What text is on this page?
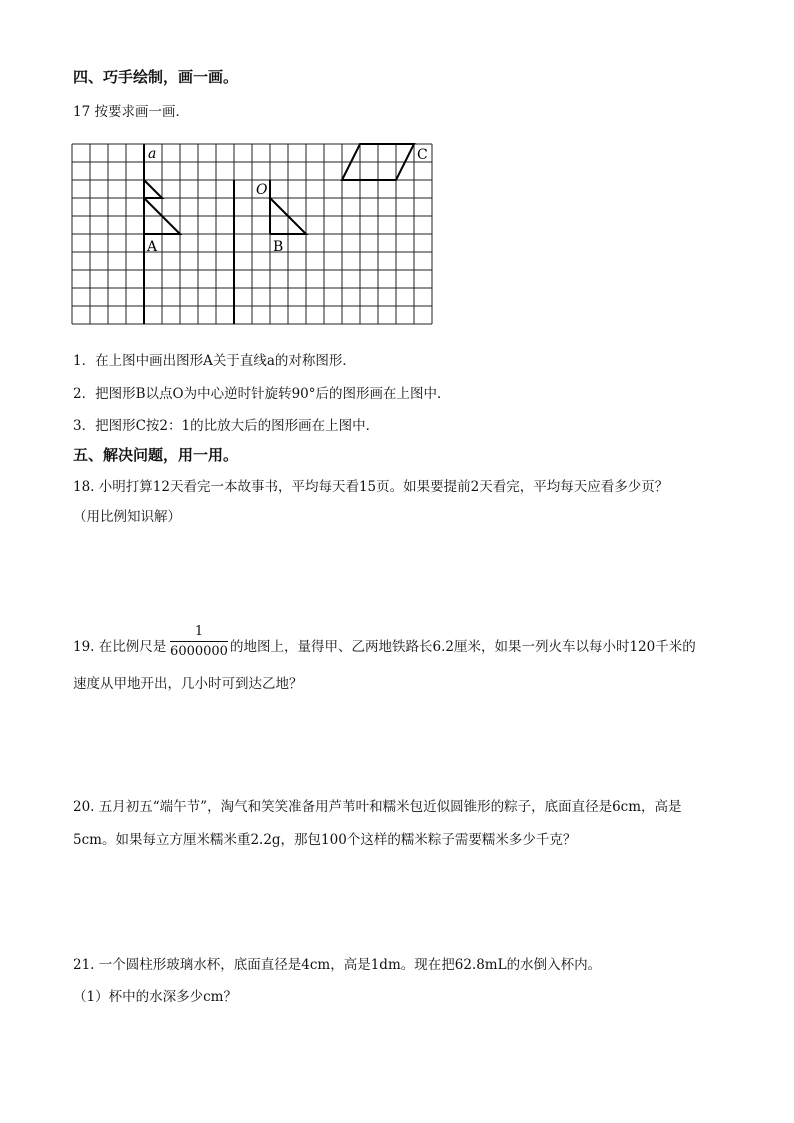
四、巧手绘制，画一画。
17 按要求画一画．
a	C
O
A	B
1．在上图中画出图形A关于直线a的对称图形．
2．把图形B以点O为中心逆时针旋转90°后的图形画在上图中．
3．把图形C按2：1的比放大后的图形画在上图中．
五、解决问题，用一用。
18. 小明打算12天看完一本故事书，平均每天看15页。如果要提前2天看完，平均每天应看多少页？
（用比例知识解）
19. 在比例尺是
1
6000000 的地图上，量得甲、乙两地铁路长6.2厘米，如果一列火车以每小时120千米的
速度从甲地开出，几小时可到达乙地？
20. 五月初五“端午节”，淘气和笑笑准备用芦苇叶和糯米包近似圆锥形的粽子，底面直径是6cm，高是
5cm。如果每立方厘米糯米重2.2g，那包100个这样的糯米粽子需要糯米多少千克？
21. 一个圆柱形玻璃水杯，底面直径是4cm，高是1dm。现在把62.8mL的水倒入杯内。
（1）杯中的水深多少cm？
